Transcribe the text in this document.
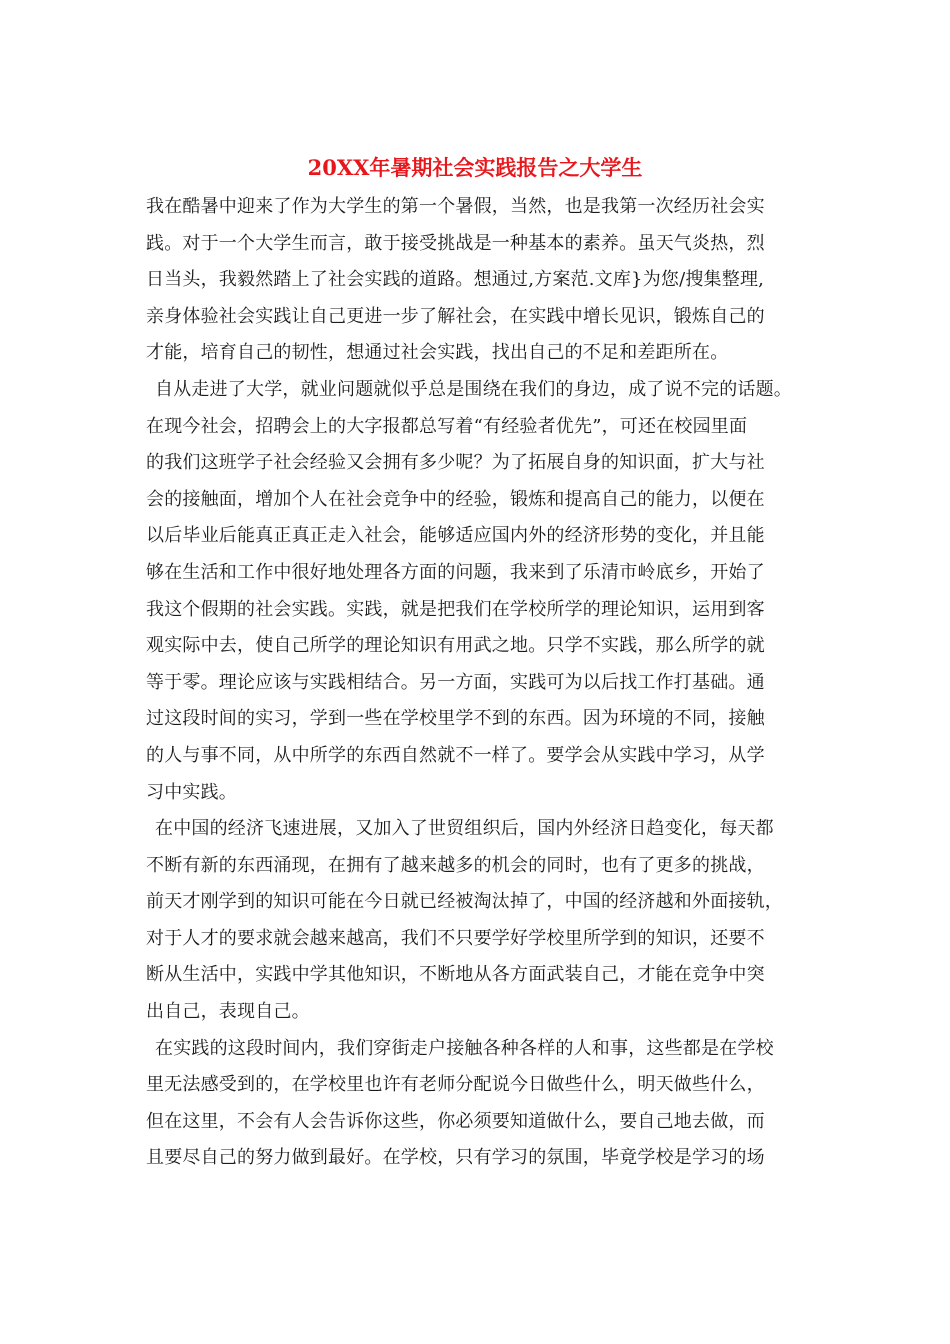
20XX年暑期社会实践报告之大学生
我在酷暑中迎来了作为大学生的第一个暑假，当然，也是我第一次经历社会实
践。对于一个大学生而言，敢于接受挑战是一种基本的素养。虽天气炎热，烈
日当头，我毅然踏上了社会实践的道路。想通过,方案范.文库}为您/搜集整理,
亲身体验社会实践让自己更进一步了解社会，在实践中增长见识，锻炼自己的
才能，培育自己的韧性，想通过社会实践，找出自己的不足和差距所在。
自从走进了大学，就业问题就似乎总是围绕在我们的身边，成了说不完的话题。
在现今社会，招聘会上的大字报都总写着“有经验者优先”，可还在校园里面
的我们这班学子社会经验又会拥有多少呢？为了拓展自身的知识面，扩大与社
会的接触面，增加个人在社会竞争中的经验，锻炼和提高自己的能力，以便在
以后毕业后能真正真正走入社会，能够适应国内外的经济形势的变化，并且能
够在生活和工作中很好地处理各方面的问题，我来到了乐清市岭底乡，开始了
我这个假期的社会实践。实践，就是把我们在学校所学的理论知识，运用到客
观实际中去，使自己所学的理论知识有用武之地。只学不实践，那么所学的就
等于零。理论应该与实践相结合。另一方面，实践可为以后找工作打基础。通
过这段时间的实习，学到一些在学校里学不到的东西。因为环境的不同，接触
的人与事不同，从中所学的东西自然就不一样了。要学会从实践中学习，从学
习中实践。
在中国的经济飞速进展，又加入了世贸组织后，国内外经济日趋变化，每天都
不断有新的东西涌现，在拥有了越来越多的机会的同时，也有了更多的挑战，
前天才刚学到的知识可能在今日就已经被淘汰掉了，中国的经济越和外面接轨，
对于人才的要求就会越来越高，我们不只要学好学校里所学到的知识，还要不
断从生活中，实践中学其他知识，不断地从各方面武装自己，才能在竞争中突
出自己，表现自己。
在实践的这段时间内，我们穿街走户接触各种各样的人和事，这些都是在学校
里无法感受到的，在学校里也许有老师分配说今日做些什么，明天做些什么，
但在这里，不会有人会告诉你这些，你必须要知道做什么，要自己地去做，而
且要尽自己的努力做到最好。在学校，只有学习的氛围，毕竟学校是学习的场
